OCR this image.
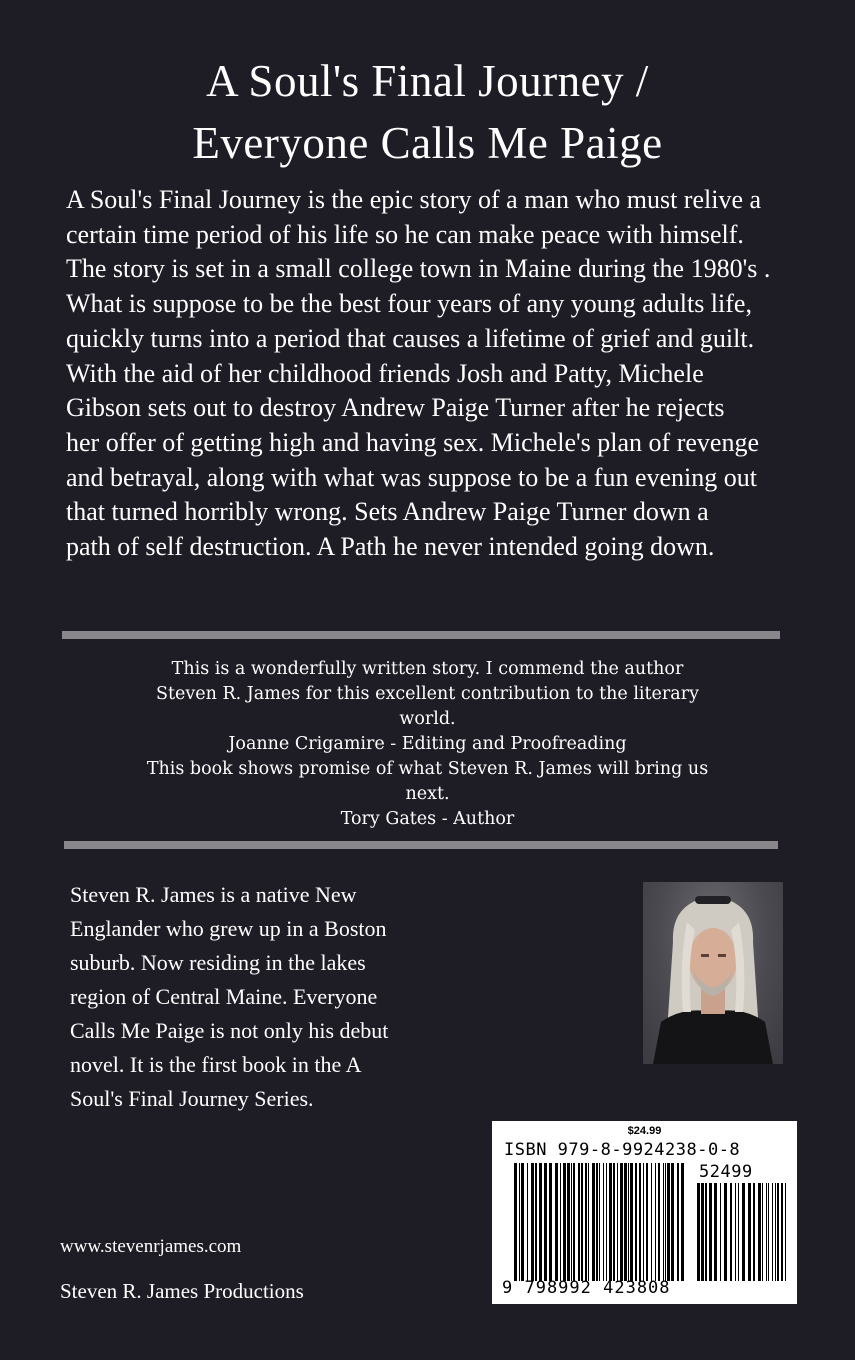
A Soul's Final Journey /
Everyone Calls Me Paige
A Soul's Final Journey is the epic story of a man who must relive a
certain time period of his life so he can make peace with himself.
The story is set in a small college town in Maine during the 1980's .
What is suppose to be the best four years of any young adults life,
quickly turns into a period that causes a lifetime of grief and guilt.
With the aid of her childhood friends Josh and Patty, Michele
Gibson sets out to destroy Andrew Paige Turner after he rejects
her offer of getting high and having sex. Michele's plan of revenge
and betrayal, along with what was suppose to be a fun evening out
that turned horribly wrong. Sets Andrew Paige Turner down a
path of self destruction. A Path he never intended going down.
This is a wonderfully written story. I commend the author
Steven R. James for this excellent contribution to the literary
world.
Joanne Crigamire - Editing and Proofreading
This book shows promise of what Steven R. James will bring us
next.
Tory Gates - Author
Steven R. James is a native New
Englander who grew up in a Boston
suburb. Now residing in the lakes
region of Central Maine. Everyone
Calls Me Paige is not only his debut
novel. It is the first book in the A
Soul's Final Journey Series.
www.stevenrjames.com
Steven R. James Productions
$24.99
ISBN 979-8-9924238-0-8
52499
9 798992 423808
